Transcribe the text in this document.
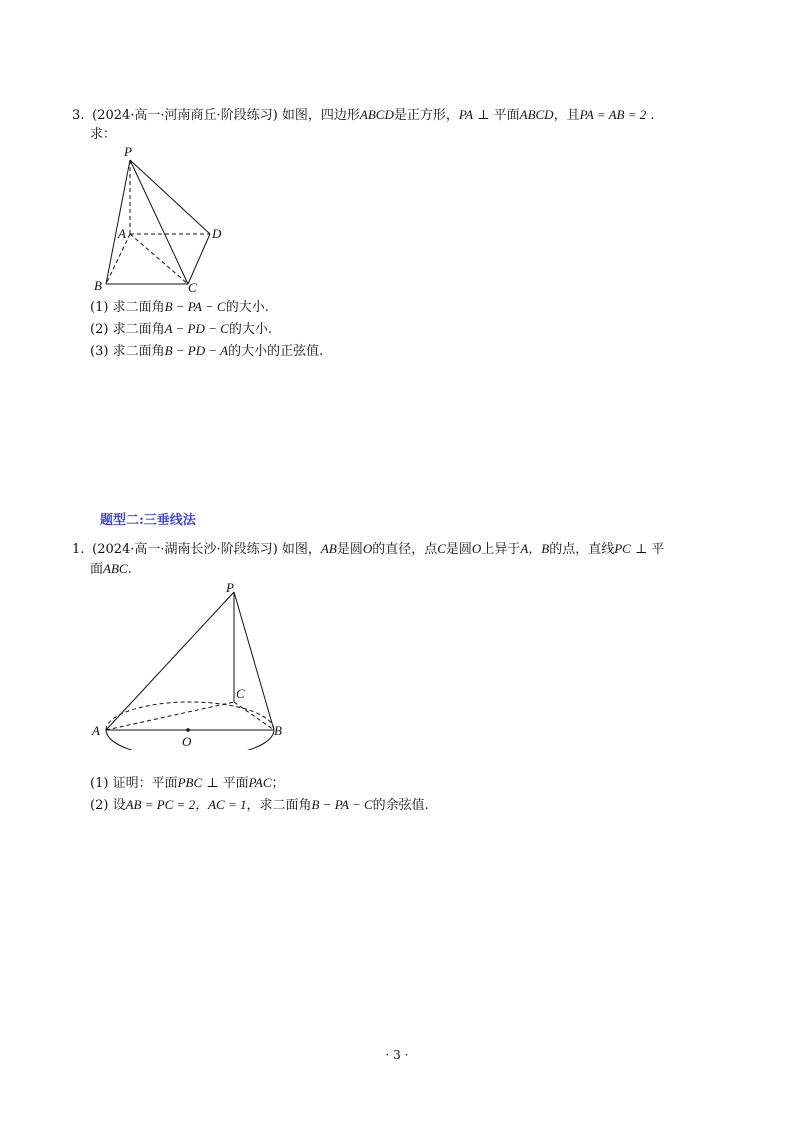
3. (2024·高一·河南商丘·阶段练习) 如图，四边形ABCD是正方形，PA ⊥ 平面ABCD，且PA = AB = 2 .
求：
P
A	D
B	C
(1) 求二面角B − PA − C的大小.
(2) 求二面角A − PD − C的大小.
(3) 求二面角B − PD − A的大小的正弦值.
题型二:三垂线法
1. (2024·高一·湖南长沙·阶段练习) 如图，AB是圆O的直径，点C是圆O上异于A，B的点，直线PC ⊥ 平
面ABC.
P
C
A	B
O
(1) 证明：平面PBC ⊥ 平面PAC；
(2) 设AB = PC = 2，AC = 1，求二面角B − PA − C的余弦值.
· 3 ·
